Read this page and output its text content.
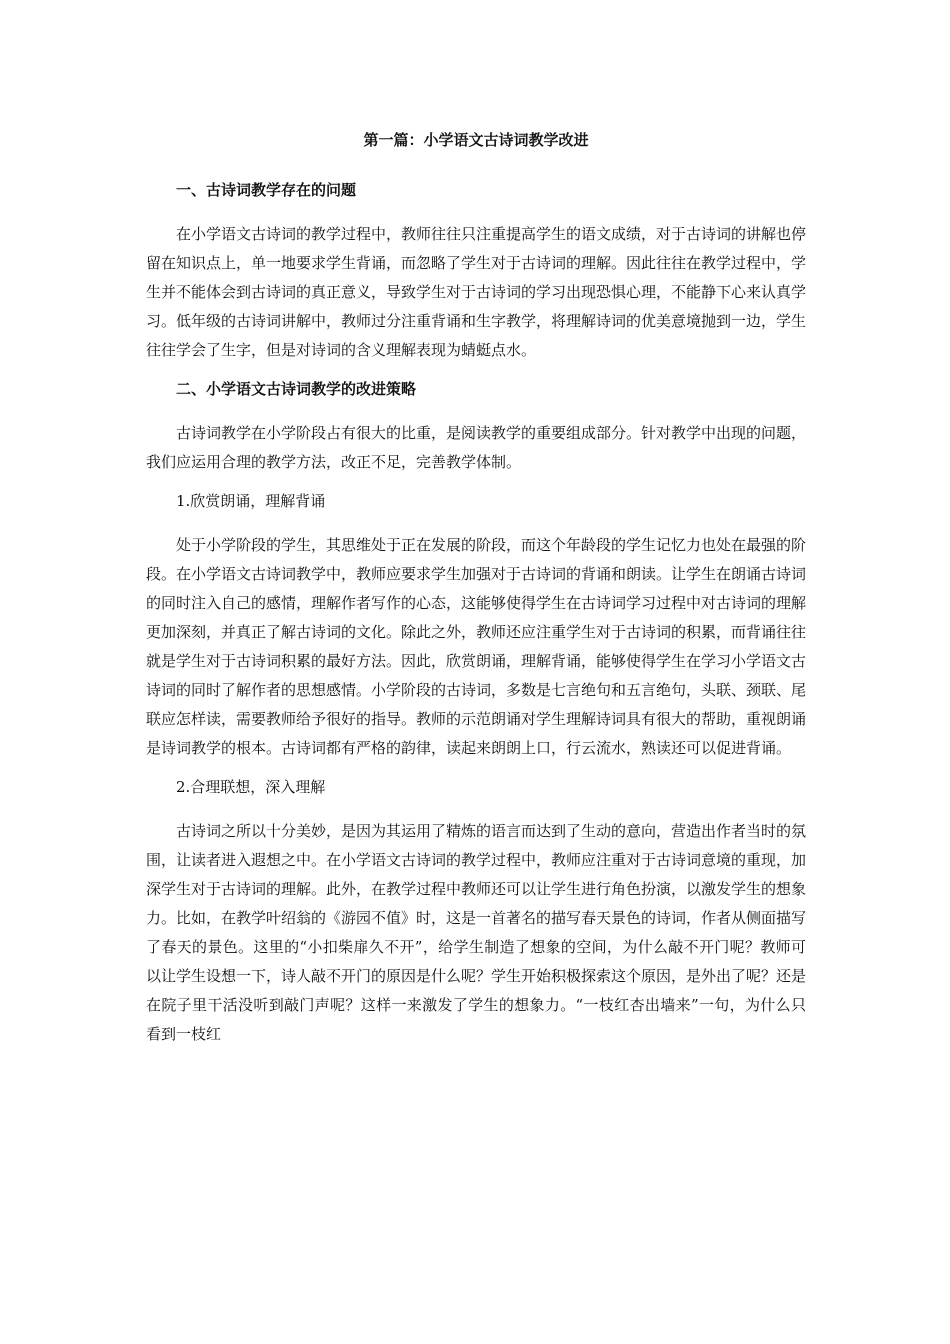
第一篇：小学语文古诗词教学改进
一、古诗词教学存在的问题

在小学语文古诗词的教学过程中，教师往往只注重提高学生的语文成绩，对于古诗词的讲解也停留在知识点上，单一地要求学生背诵，而忽略了学生对于古诗词的理解。因此往往在教学过程中，学生并不能体会到古诗词的真正意义，导致学生对于古诗词的学习出现恐惧心理，不能静下心来认真学习。低年级的古诗词讲解中，教师过分注重背诵和生字教学，将理解诗词的优美意境抛到一边，学生往往学会了生字，但是对诗词的含义理解表现为蜻蜓点水。

二、小学语文古诗词教学的改进策略

古诗词教学在小学阶段占有很大的比重，是阅读教学的重要组成部分。针对教学中出现的问题，我们应运用合理的教学方法，改正不足，完善教学体制。

1.欣赏朗诵，理解背诵

处于小学阶段的学生，其思维处于正在发展的阶段，而这个年龄段的学生记忆力也处在最强的阶段。在小学语文古诗词教学中，教师应要求学生加强对于古诗词的背诵和朗读。让学生在朗诵古诗词的同时注入自己的感情，理解作者写作的心态，这能够使得学生在古诗词学习过程中对古诗词的理解更加深刻，并真正了解古诗词的文化。除此之外，教师还应注重学生对于古诗词的积累，而背诵往往就是学生对于古诗词积累的最好方法。因此，欣赏朗诵，理解背诵，能够使得学生在学习小学语文古诗词的同时了解作者的思想感情。小学阶段的古诗词，多数是七言绝句和五言绝句，头联、颈联、尾联应怎样读，需要教师给予很好的指导。教师的示范朗诵对学生理解诗词具有很大的帮助，重视朗诵是诗词教学的根本。古诗词都有严格的韵律，读起来朗朗上口，行云流水，熟读还可以促进背诵。

2.合理联想，深入理解

古诗词之所以十分美妙，是因为其运用了精炼的语言而达到了生动的意向，营造出作者当时的氛围，让读者进入遐想之中。在小学语文古诗词的教学过程中，教师应注重对于古诗词意境的重现，加深学生对于古诗词的理解。此外，在教学过程中教师还可以让学生进行角色扮演，以激发学生的想象力。比如，在教学叶绍翁的《游园不值》时，这是一首著名的描写春天景色的诗词，作者从侧面描写了春天的景色。这里的“小扣柴扉久不开”，给学生制造了想象的空间，为什么敲不开门呢？教师可以让学生设想一下，诗人敲不开门的原因是什么呢？学生开始积极探索这个原因，是外出了呢？还是在院子里干活没听到敲门声呢？这样一来激发了学生的想象力。“一枝红杏出墙来”一句，为什么只看到一枝红
